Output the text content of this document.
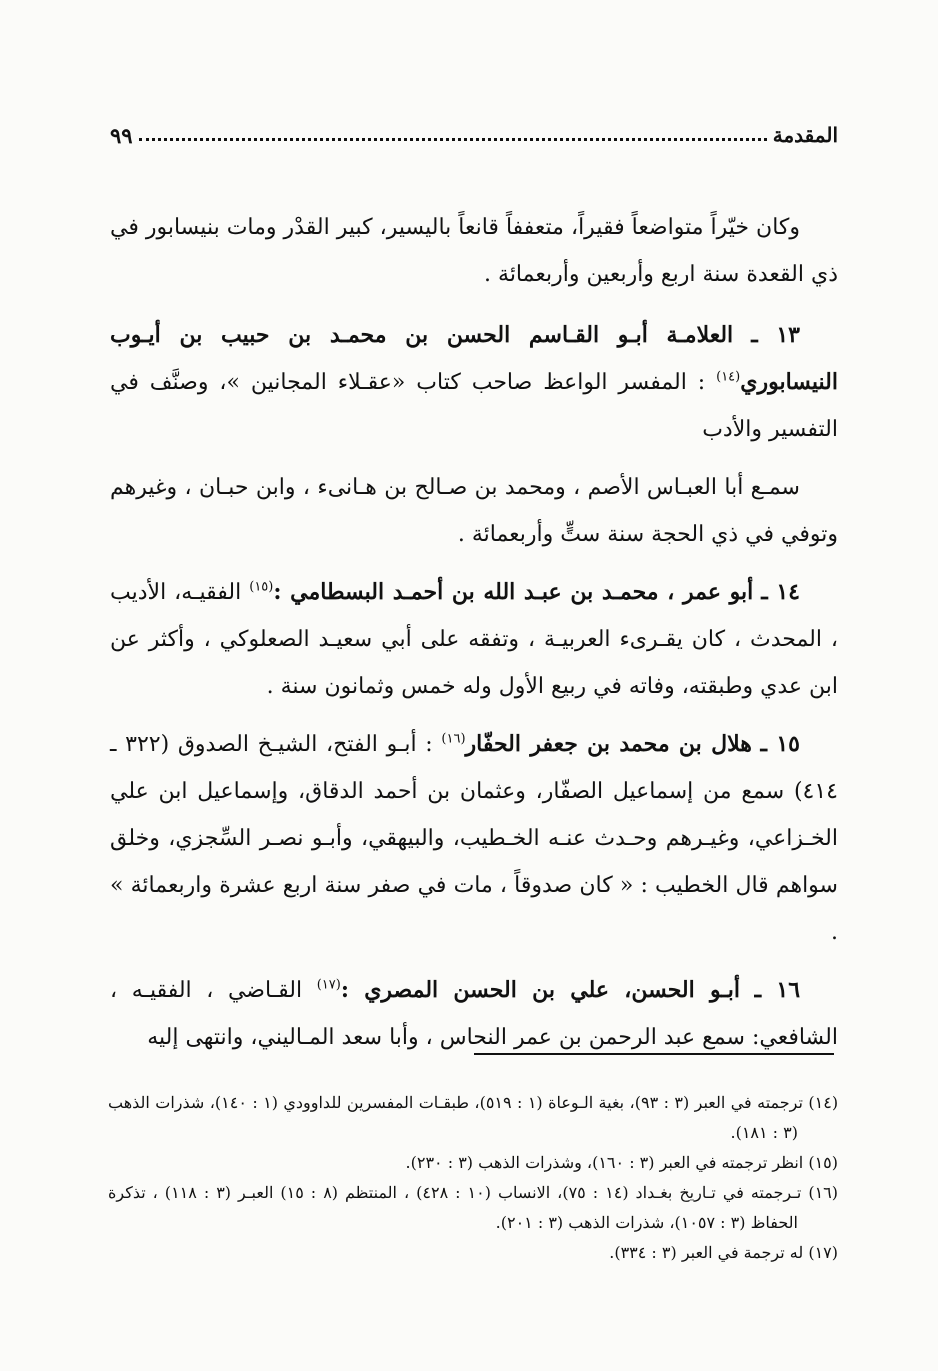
المقدمة
٩٩

وكان خيّراً متواضعاً فقيراً، متعففاً قانعاً باليسير، كبير القدْر ومات بنيسابور في ذي القعدة سنة اربع وأربعين وأربعمائة .

١٣ ـ العلامـة أبـو القـاسم الحسن بن محمـد بن حبيب بن أيـوب النيسابوري$^{(١٤)}$ : المفسر الواعظ صاحب كتاب «عقـلاء المجانين »، وصنَّف في التفسير والأدب

سمـع أبا العبـاس الأصم ، ومحمد بن صـالح بن هـانىء ، وابن حبـان ، وغيرهم وتوفي في ذي الحجة سنة ستٍّ وأربعمائة .

١٤ ـ أبو عمر ، محمـد بن عبـد الله بن أحمـد البسطامي :$^{(١٥)}$ الفقيـه، الأديب ، المحدث ، كان يقـرىء العربيـة ، وتفقه على أبي سعيـد الصعلوكي ، وأكثر عن ابن عدي وطبقته، وفاته في ربيع الأول وله خمس وثمانون سنة .

١٥ ـ هلال بن محمد بن جعفر الحفّار$^{(١٦)}$ : أبـو الفتح، الشيـخ الصدوق (٣٢٢ ـ ٤١٤) سمع من إسماعيل الصفّار، وعثمان بن أحمد الدقاق، وإسماعيل ابن علي الخـزاعي، وغيـرهم وحـدث عنـه الخـطيب، والبيهقي، وأبـو نصـر السِّجزي، وخلق سواهم قال الخطيب : « كان صدوقاً ، مات في صفر سنة اربع عشرة واربعمائة » .

١٦ ـ أبـو الحسن، علي بن الحسن المصري :$^{(١٧)}$ القـاضي ، الفقيـه ، الشافعي: سمع عبد الرحمن بن عمر النحاس ، وأبا سعد المـاليني، وانتهى إليه

(١٤) ترجمته في العبر (٣ : ٩٣)، بغية الـوعاة (١ : ٥١٩)، طبقـات المفسرين للداوودي (١ : ١٤٠)، شذرات الذهب (٣ : ١٨١).

(١٥) انظر ترجمته في العبر (٣ : ١٦٠)، وشذرات الذهب (٣ : ٢٣٠).

(١٦) تـرجمته في تـاريخ بغـداد (١٤ : ٧٥)، الانساب (١٠ : ٤٢٨) ، المنتظم (٨ : ١٥) العبـر (٣ : ١١٨) ، تذكرة الحفاظ (٣ : ١٠٥٧)، شذرات الذهب (٣ : ٢٠١).

(١٧) له ترجمة في العبر (٣ : ٣٣٤).
